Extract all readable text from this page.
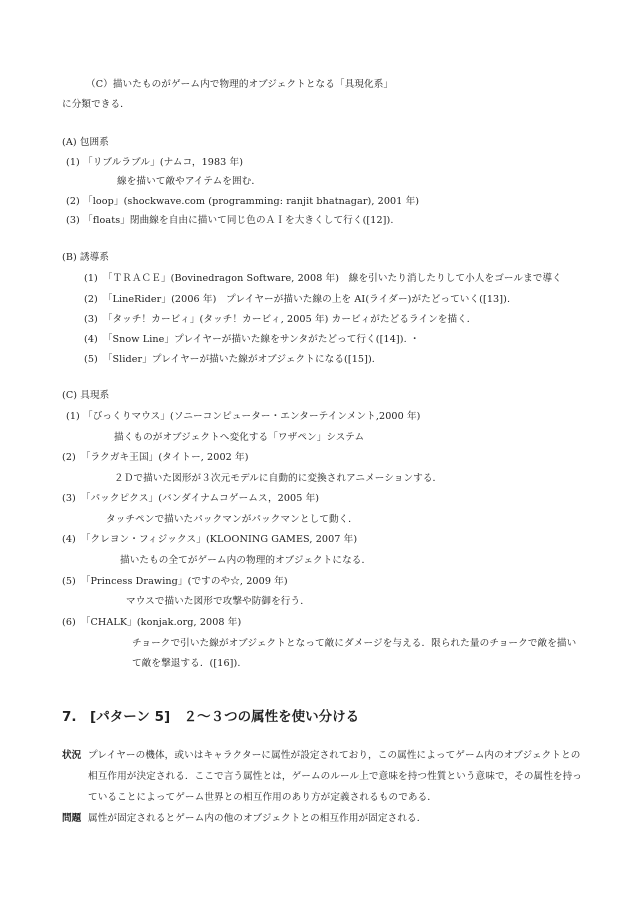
（C）描いたものがゲーム内で物理的オブジェクトとなる「具現化系」
に分類できる．
(A) 包囲系
(1) 「リブルラブル」(ナムコ，1983 年)
線を描いて敵やアイテムを囲む．
(2) 「loop」(shockwave.com (programming: ranjit bhatnagar), 2001 年)
(3) 「floats」閉曲線を自由に描いて同じ色のＡＩを大きくして行く([12]).
(B) 誘導系
(1)　「ＴＲＡＣＥ」(Bovinedragon Software, 2008 年)　線を引いたり消したりして小人をゴールまで導く
(2)　「LineRider」(2006 年)　プレイヤーが描いた線の上を AI(ライダー)がたどっていく([13]).
(3)　「タッチ！カービィ」(タッチ！カービィ, 2005 年) カービィがたどるラインを描く．
(4)　「Snow Line」プレイヤーが描いた線をサンタがたどって行く([14]). ・
(5)　「Slider」プレイヤーが描いた線がオブジェクトになる([15]).
(C) 具現系
(1) 「びっくりマウス」(ソニーコンピューター・エンターテインメント,2000 年)
描くものがオブジェクトへ変化する「ワザペン」システム
(2)　「ラクガキ王国」(タイトー, 2002 年)
２Ｄで描いた図形が３次元モデルに自動的に変換されアニメーションする．
(3)　「パックピクス」(バンダイナムコゲームス，2005 年)
タッチペンで描いたパックマンがパックマンとして動く．
(4)　「クレヨン・フィジックス」(KLOONING GAMES, 2007 年)
描いたもの全てがゲーム内の物理的オブジェクトになる．
(5)　「Princess Drawing」(ですのや☆, 2009 年)
マウスで描いた図形で攻撃や防御を行う．
(6)　「CHALK」(konjak.org, 2008 年)
チョークで引いた線がオブジェクトとなって敵にダメージを与える．限られた量のチョークで敵を描い
て敵を撃退する．([16]).
7.　[パターン 5]　２～３つの属性を使い分ける
状況 プレイヤーの機体，或いはキャラクターに属性が設定されており，この属性によってゲーム内のオブジェクトとの
相互作用が決定される．ここで言う属性とは，ゲームのルール上で意味を持つ性質という意味で，その属性を持っ
ていることによってゲーム世界との相互作用のあり方が定義されるものである．
問題 属性が固定されるとゲーム内の他のオブジェクトとの相互作用が固定される．
